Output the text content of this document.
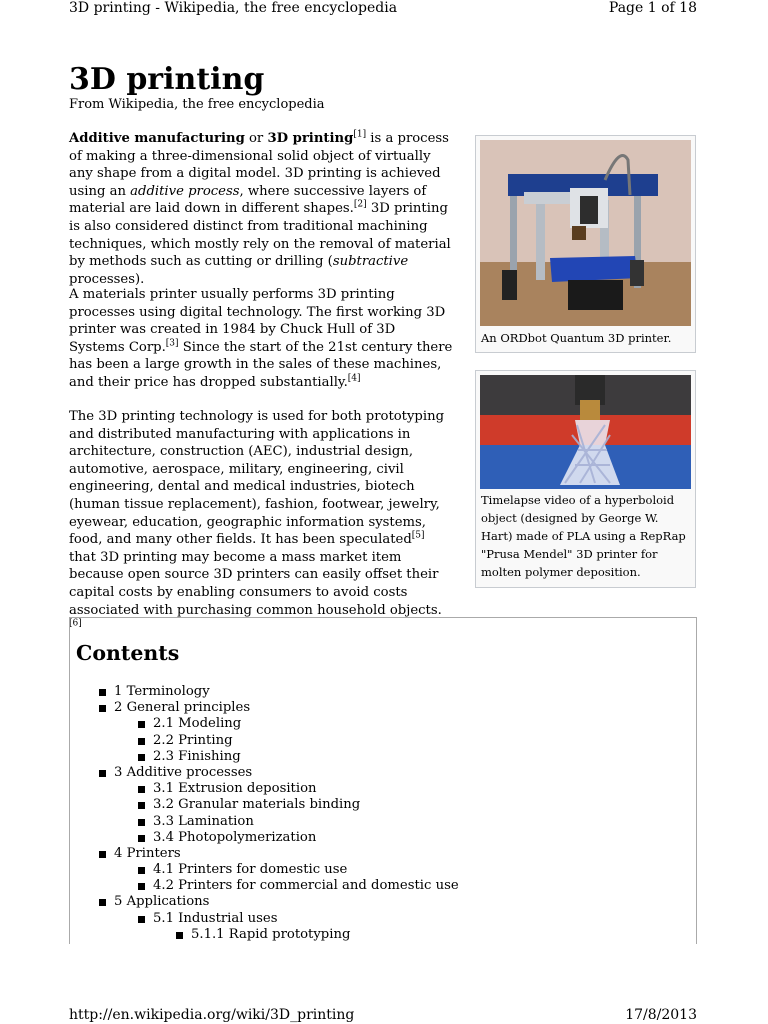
3D printing - Wikipedia, the free encyclopedia	Page 1 of 18
3D printing
From Wikipedia, the free encyclopedia

Additive manufacturing or 3D printing[1] is a process of making a three-dimensional solid object of virtually any shape from a digital model. 3D printing is achieved using an additive process, where successive layers of material are laid down in different shapes.[2] 3D printing is also considered distinct from traditional machining techniques, which mostly rely on the removal of material by methods such as cutting or drilling (subtractive processes).

A materials printer usually performs 3D printing processes using digital technology. The first working 3D printer was created in 1984 by Chuck Hull of 3D Systems Corp.[3] Since the start of the 21st century there has been a large growth in the sales of these machines, and their price has dropped substantially.[4]

The 3D printing technology is used for both prototyping and distributed manufacturing with applications in architecture, construction (AEC), industrial design, automotive, aerospace, military, engineering, civil engineering, dental and medical industries, biotech (human tissue replacement), fashion, footwear, jewelry, eyewear, education, geographic information systems, food, and many other fields. It has been speculated[5] that 3D printing may become a mass market item because open source 3D printers can easily offset their capital costs by enabling consumers to avoid costs associated with purchasing common household objects.[6]

An ORDbot Quantum 3D printer.
Timelapse video of a hyperboloid object (designed by George W. Hart) made of PLA using a RepRap "Prusa Mendel" 3D printer for molten polymer deposition.
Contents
1 Terminology
2 General principles
2.1 Modeling
2.2 Printing
2.3 Finishing
3 Additive processes
3.1 Extrusion deposition
3.2 Granular materials binding
3.3 Lamination
3.4 Photopolymerization
4 Printers
4.1 Printers for domestic use
4.2 Printers for commercial and domestic use
5 Applications
5.1 Industrial uses
5.1.1 Rapid prototyping
http://en.wikipedia.org/wiki/3D_printing	17/8/2013
